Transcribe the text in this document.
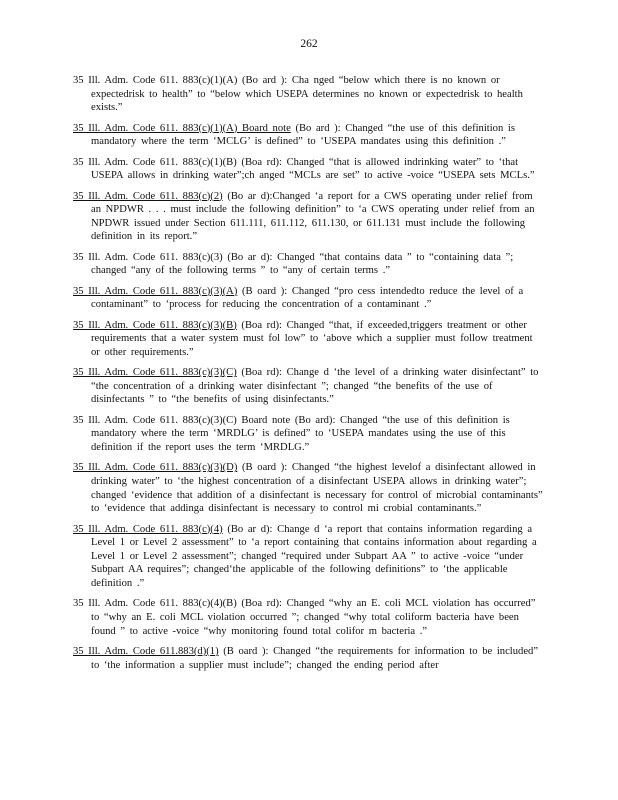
262

35 Ill. Adm. Code 611. 883(c)(1)(A) (Bo ard ): Cha nged “below which there is no known or expectedrisk to health” to “below which USEPA determines no known or expectedrisk to health exists.”

35 Ill. Adm. Code 611. 883(c)(1)(A) Board note (Bo ard ): Changed “the use of this definition is mandatory where the term ‘MCLG’ is defined” to ‘USEPA mandates using this definition .”

35 Ill. Adm. Code 611. 883(c)(1)(B) (Boa rd): Changed “that is allowed indrinking water” to ‘that USEPA allows in drinking water”;ch anged “MCLs are set” to active -voice “USEPA sets MCLs.”

35 Ill. Adm. Code 611. 883(c)(2) (Bo ar d):Changed ‘a report for a CWS operating under relief from an NPDWR . . . must include the following definition” to ‘a CWS operating under relief from an NPDWR issued under Section 611.111, 611.112, 611.130, or 611.131 must include the following definition in its report.”

35 Ill. Adm. Code 611. 883(c)(3) (Bo ar d): Changed “that contains data ” to “containing data ”; changed “any of the following terms ” to “any of certain terms .”

35 Ill. Adm. Code 611. 883(c)(3)(A) (B oard ): Changed “pro cess intendedto reduce the level of a contaminant” to ‘process for reducing the concentration of a contaminant .”

35 Ill. Adm. Code 611. 883(c)(3)(B) (Boa rd): Changed “that, if exceeded,triggers treatment or other requirements that a water system must fol low” to ‘above which a supplier must follow treatment or other requirements.”

35 Ill. Adm. Code 611. 883(c)(3)(C) (Boa rd): Change d ‘the level of a drinking water disinfectant” to “the concentration of a drinking water disinfectant ”; changed “the benefits of the use of disinfectants ” to “the benefits of using disinfectants.”

35 Ill. Adm. Code 611. 883(c)(3)(C) Board note (Bo ard): Changed “the use of this definition is mandatory where the term ‘MRDLG’ is defined” to ‘USEPA mandates using the use of this definition if the report uses the term ‘MRDLG.”

35 Ill. Adm. Code 611. 883(c)(3)(D) (B oard ): Changed “the highest levelof a disinfectant allowed in drinking water” to ‘the highest concentration of a disinfectant USEPA allows in drinking water”; changed ‘evidence that addition of a disinfectant is necessary for control of microbial contaminants” to ‘evidence that addinga disinfectant is necessary to control mi crobial contaminants.”

35 Ill. Adm. Code 611. 883(c)(4) (Bo ar d): Change d ‘a report that contains information regarding a Level 1 or Level 2 assessment” to ‘a report containing that contains information about regarding a Level 1 or Level 2 assessment”; changed “required under Subpart AA ” to active -voice “under Subpart AA requires”; changed‘the applicable of the following definitions” to ‘the applicable definition .”

35 Ill. Adm. Code 611. 883(c)(4)(B) (Boa rd): Changed “why an E. coli MCL violation has occurred” to “why an E. coli MCL violation occurred ”; changed “why total coliform bacteria have been found ” to active -voice “why monitoring found total colifor m bacteria .”

35 Ill. Adm. Code 611.883(d)(1) (B oard ): Changed “the requirements for information to be included” to ‘the information a supplier must include”; changed the ending period after
